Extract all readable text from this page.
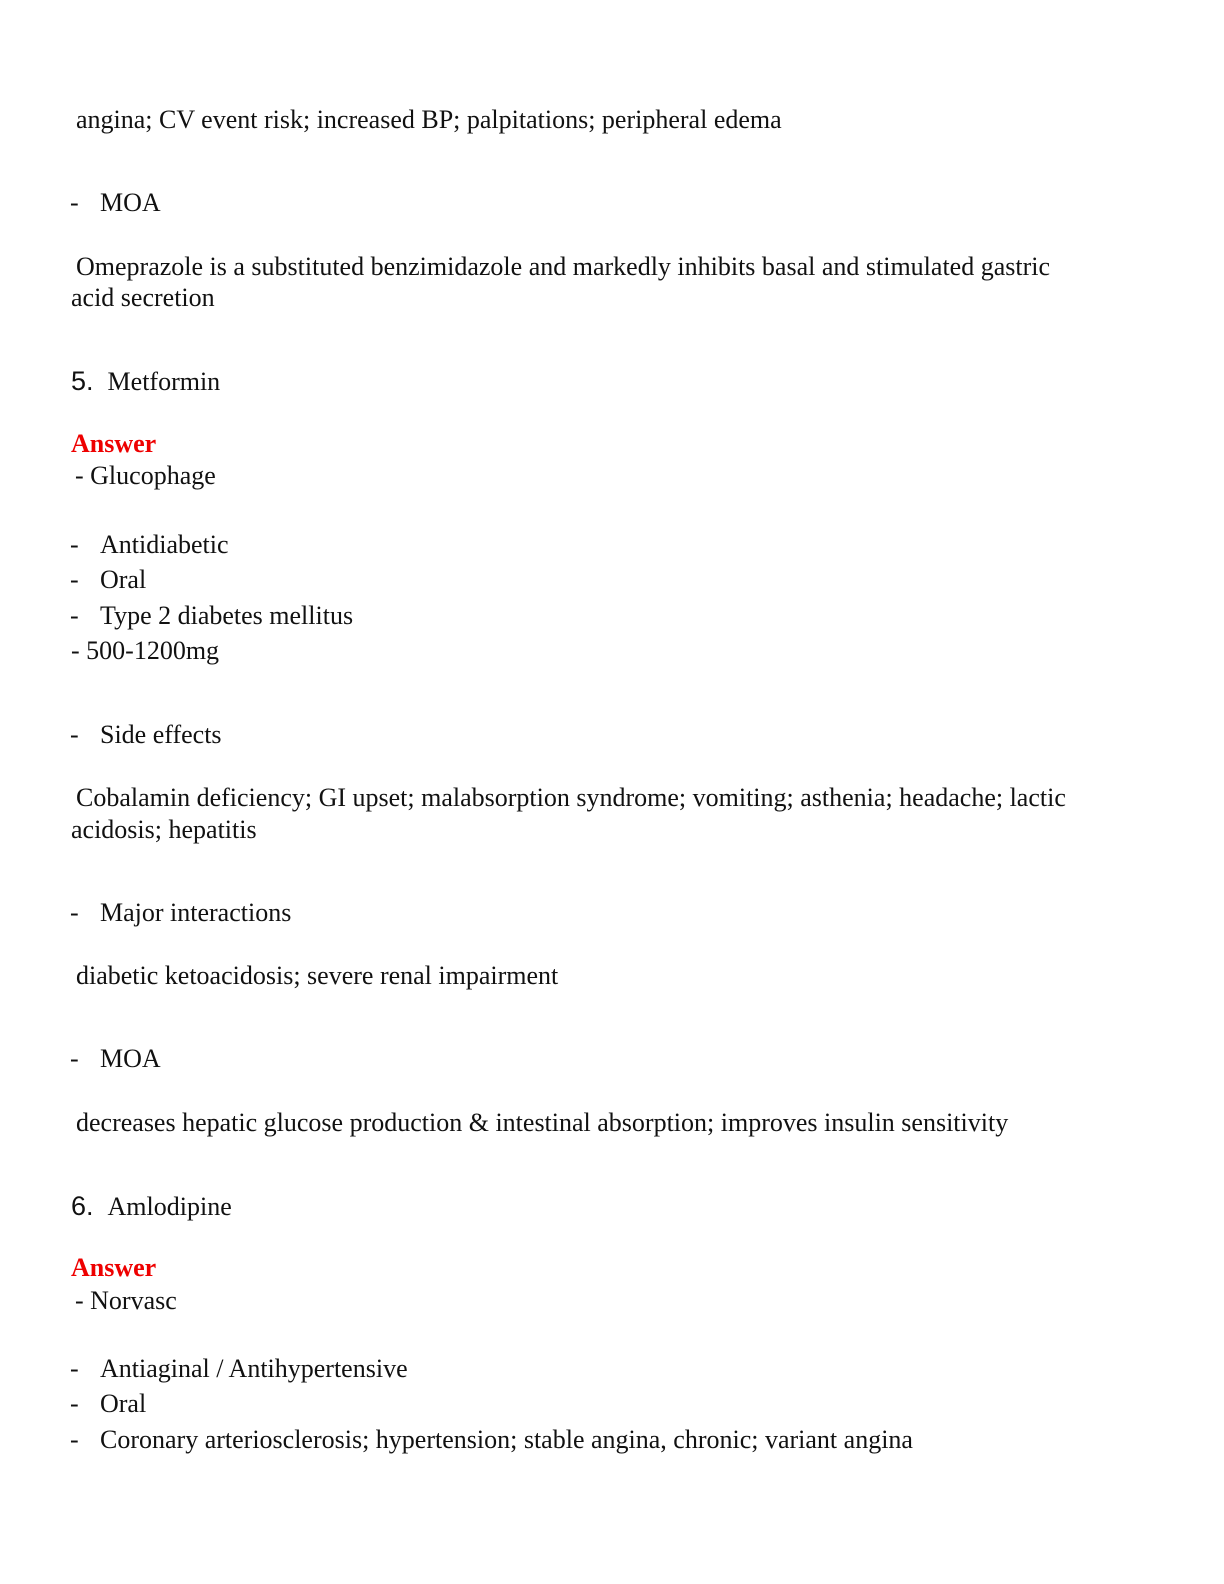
angina; CV event risk; increased BP; palpitations; peripheral edema
- MOA
Omeprazole is a substituted benzimidazole and markedly inhibits basal and stimulated gastric
acid secretion
5. Metformin
Answer
- Glucophage
- Antidiabetic
- Oral
- Type 2 diabetes mellitus
- 500-1200mg
- Side effects
Cobalamin deficiency; GI upset; malabsorption syndrome; vomiting; asthenia; headache; lactic
acidosis; hepatitis
- Major interactions
diabetic ketoacidosis; severe renal impairment
- MOA
decreases hepatic glucose production & intestinal absorption; improves insulin sensitivity
6. Amlodipine
Answer
- Norvasc
- Antiaginal / Antihypertensive
- Oral
- Coronary arteriosclerosis; hypertension; stable angina, chronic; variant angina
